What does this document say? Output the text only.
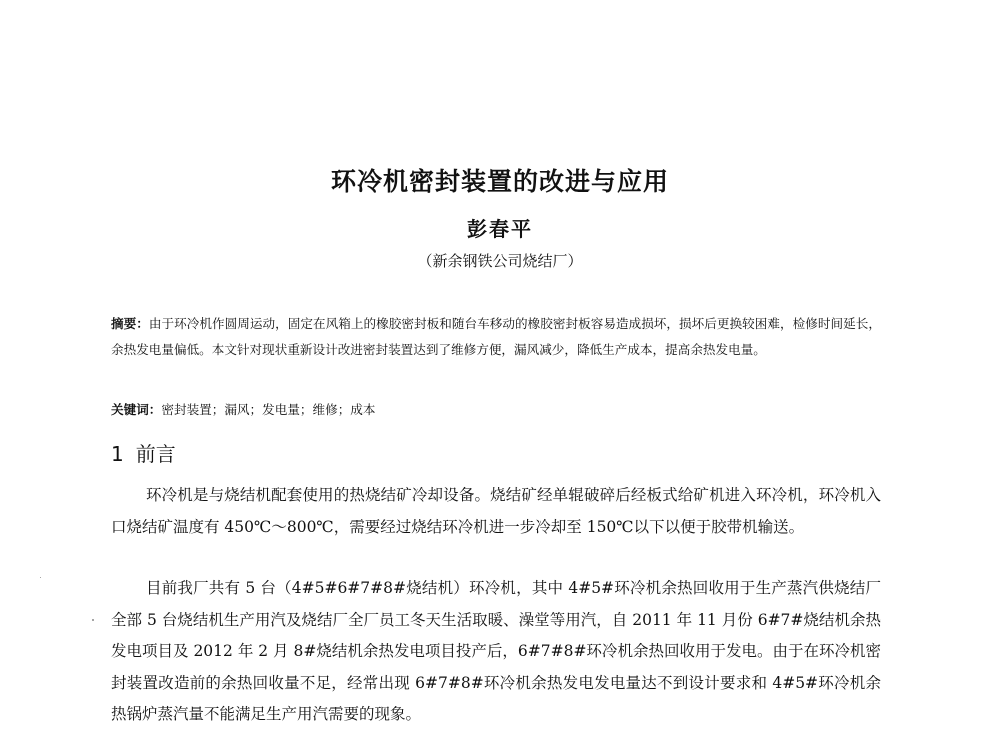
环冷机密封装置的改进与应用
彭春平
（新余钢铁公司烧结厂）
摘要：由于环冷机作圆周运动，固定在风箱上的橡胶密封板和随台车移动的橡胶密封板容易造成损坏，损坏后更换较困难，检修时间延长，余热发电量偏低。本文针对现状重新设计改进密封装置达到了维修方便，漏风减少，降低生产成本，提高余热发电量。
关键词：密封装置；漏风；发电量；维修；成本
1 前言
环冷机是与烧结机配套使用的热烧结矿冷却设备。烧结矿经单辊破碎后经板式给矿机进入环冷机，环冷机入口烧结矿温度有 450℃～800℃，需要经过烧结环冷机进一步冷却至 150℃以下以便于胶带机输送。
目前我厂共有 5 台（4#5#6#7#8#烧结机）环冷机，其中 4#5#环冷机余热回收用于生产蒸汽供烧结厂全部 5 台烧结机生产用汽及烧结厂全厂员工冬天生活取暖、澡堂等用汽，自 2011 年 11 月份 6#7#烧结机余热发电项目及 2012 年 2 月 8#烧结机余热发电项目投产后，6#7#8#环冷机余热回收用于发电。由于在环冷机密封装置改造前的余热回收量不足，经常出现 6#7#8#环冷机余热发电发电量达不到设计要求和 4#5#环冷机余热锅炉蒸汽量不能满足生产用汽需要的现象。
